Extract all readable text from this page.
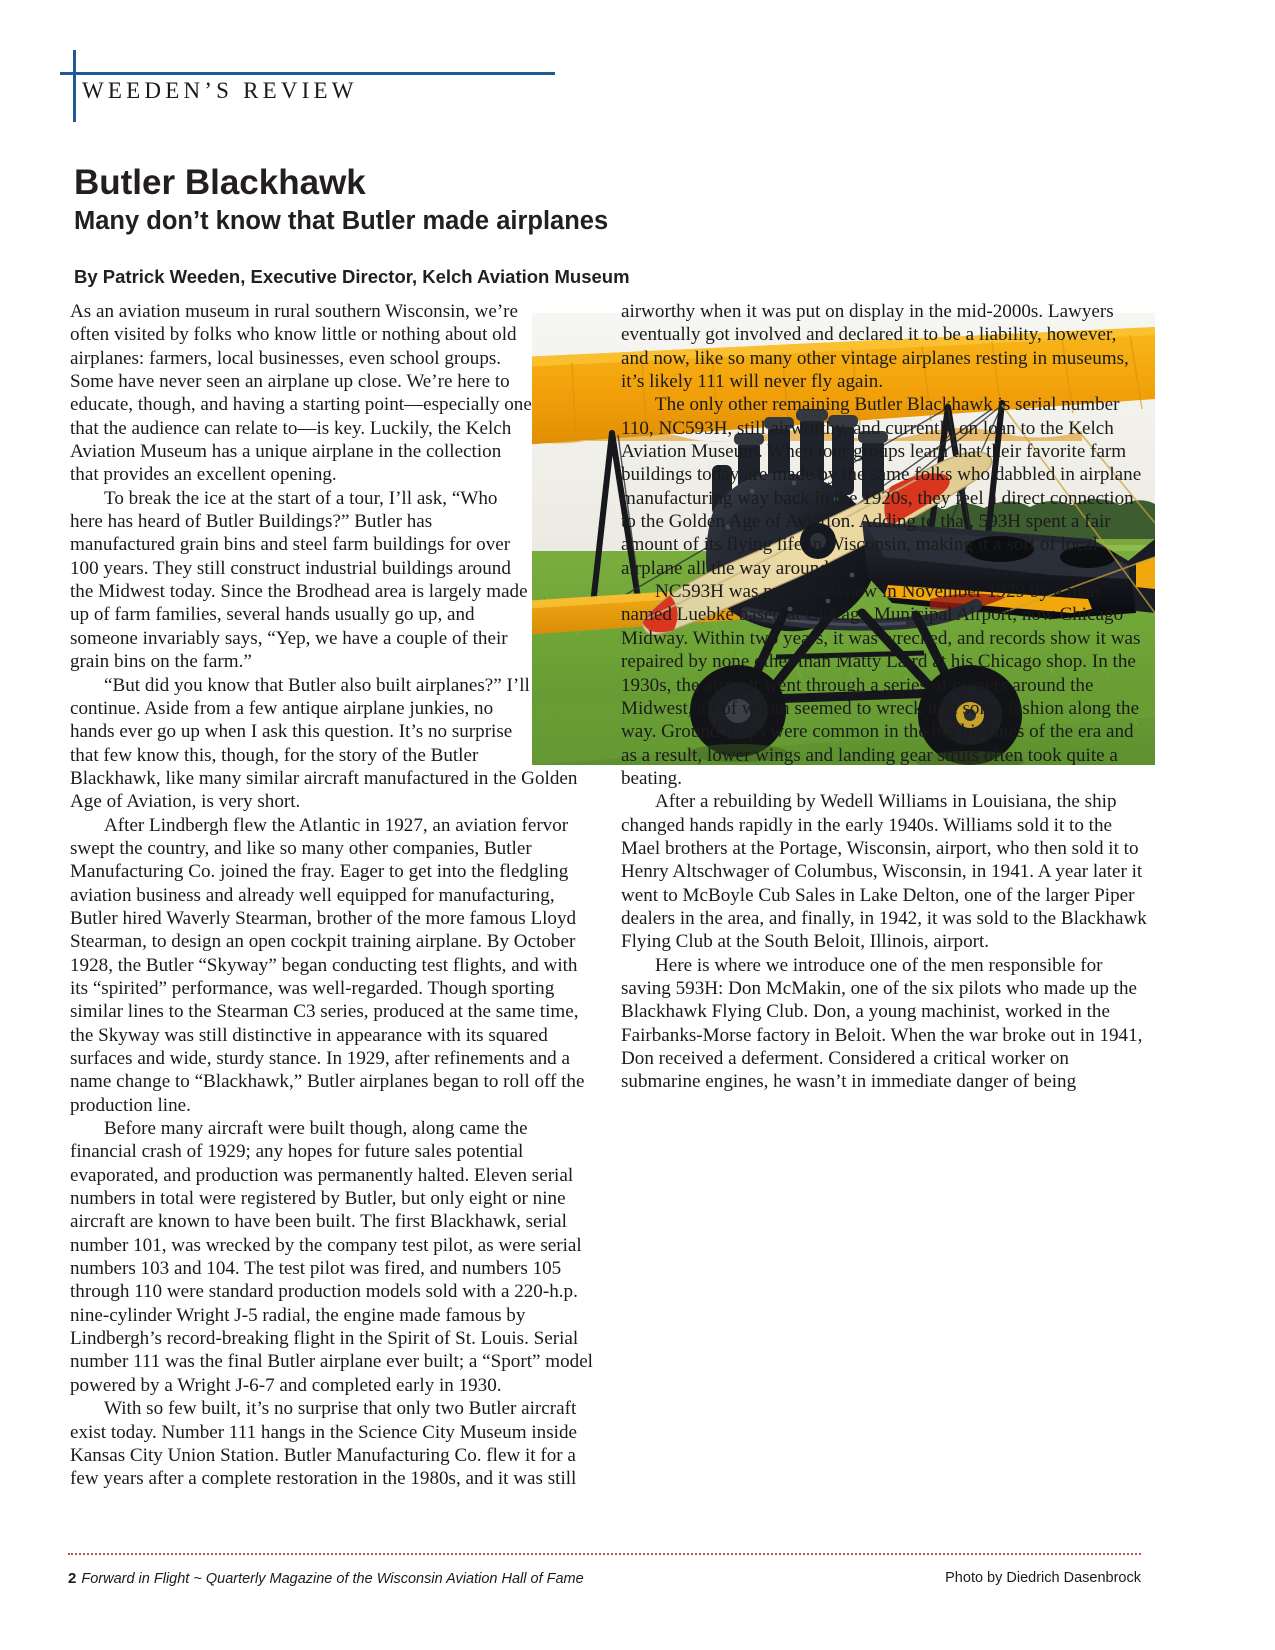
WEEDEN’S REVIEW
Butler Blackhawk
Many don’t know that Butler made airplanes
By Patrick Weeden, Executive Director, Kelch Aviation Museum

As an aviation museum in rural southern Wisconsin, we’re often visited by folks who know little or nothing about old airplanes: farmers, local businesses, even school groups. Some have never seen an airplane up close. We’re here to educate, though, and having a starting point—especially one that the audience can relate to—is key. Luckily, the Kelch Aviation Museum has a unique airplane in the collection that provides an excellent opening.

To break the ice at the start of a tour, I’ll ask, “Who here has heard of Butler Buildings?” Butler has manufactured grain bins and steel farm buildings for over 100 years. They still construct industrial buildings around the Midwest today. Since the Brodhead area is largely made up of farm families, several hands usually go up, and someone invariably says, “Yep, we have a couple of their grain bins on the farm.”

“But did you know that Butler also built airplanes?” I’ll continue. Aside from a few antique airplane junkies, no hands ever go up when I ask this question. It’s no surprise that few know this, though, for the story of the Butler Blackhawk, like many similar aircraft manufactured in the Golden Age of Aviation, is very short.

After Lindbergh flew the Atlantic in 1927, an aviation fervor swept the country, and like so many other companies, Butler Manufacturing Co. joined the fray. Eager to get into the fledgling aviation business and already well equipped for manufacturing, Butler hired Waverly Stearman, brother of the more famous Lloyd Stearman, to design an open cockpit training airplane. By October 1928, the Butler “Skyway” began conducting test flights, and with its “spirited” performance, was well-regarded. Though sporting similar lines to the Stearman C3 series, produced at the same time, the Skyway was still distinctive in appearance with its squared surfaces and wide, sturdy stance. In 1929, after refinements and a name change to “Blackhawk,” Butler airplanes began to roll off the production line.

Before many aircraft were built though, along came the financial crash of 1929; any hopes for future sales potential evaporated, and production was permanently halted. Eleven serial numbers in total were registered by Butler, but only eight or nine aircraft are known to have been built. The first Blackhawk, serial number 101, was wrecked by the company test pilot, as were serial numbers 103 and 104. The test pilot was fired, and numbers 105 through 110 were standard production models sold with a 220-h.p. nine-cylinder Wright J-5 radial, the engine made famous by Lindbergh’s record-breaking flight in the Spirit of St. Louis. Serial number 111 was the final Butler airplane ever built; a “Sport” model powered by a Wright J-6-7 and completed early in 1930.

With so few built, it’s no surprise that only two Butler aircraft exist today. Number 111 hangs in the Science City Museum inside Kansas City Union Station. Butler Manufacturing Co. flew it for a few years after a complete restoration in the 1980s, and it was still airworthy when it was put on display in the mid-2000s. Lawyers eventually got involved and declared it to be a liability, however, and now, like so many other vintage airplanes resting in museums, it’s likely 111 will never fly again.

The only other remaining Butler Blackhawk is serial number 110, NC593H, still airworthy, and currently on loan to the Kelch Aviation Museum. When tour groups learn that their favorite farm buildings today are made by the same folks who dabbled in airplane manufacturing way back in the 1920s, they feel a direct connection to the Golden Age of Aviation. Adding to that, 593H spent a fair amount of its flying life in Wisconsin, making it a sort of local airplane all the way around.

NC593H was purchased new in November 1929 by a man named Luebke based at Chicago Municipal Airport, now Chicago Midway. Within two years, it was wrecked, and records show it was repaired by none other than Matty Laird at his Chicago shop. In the 1930s, the aircraft went through a series of owners around the Midwest, all of whom seemed to wreck it in some fashion along the way. Ground loops were common in the big biplanes of the era and as a result, lower wings and landing gear struts often took quite a beating.

After a rebuilding by Wedell Williams in Louisiana, the ship changed hands rapidly in the early 1940s. Williams sold it to the Mael brothers at the Portage, Wisconsin, airport, who then sold it to Henry Altschwager of Columbus, Wisconsin, in 1941. A year later it went to McBoyle Cub Sales in Lake Delton, one of the larger Piper dealers in the area, and finally, in 1942, it was sold to the Blackhawk Flying Club at the South Beloit, Illinois, airport.

Here is where we introduce one of the men responsible for saving 593H: Don McMakin, one of the six pilots who made up the Blackhawk Flying Club. Don, a young machinist, worked in the Fairbanks-Morse factory in Beloit. When the war broke out in 1941, Don received a deferment. Considered a critical worker on submarine engines, he wasn’t in immediate danger of being

2 Forward in Flight ~ Quarterly Magazine of the Wisconsin Aviation Hall of Fame	Photo by Diedrich Dasenbrock
